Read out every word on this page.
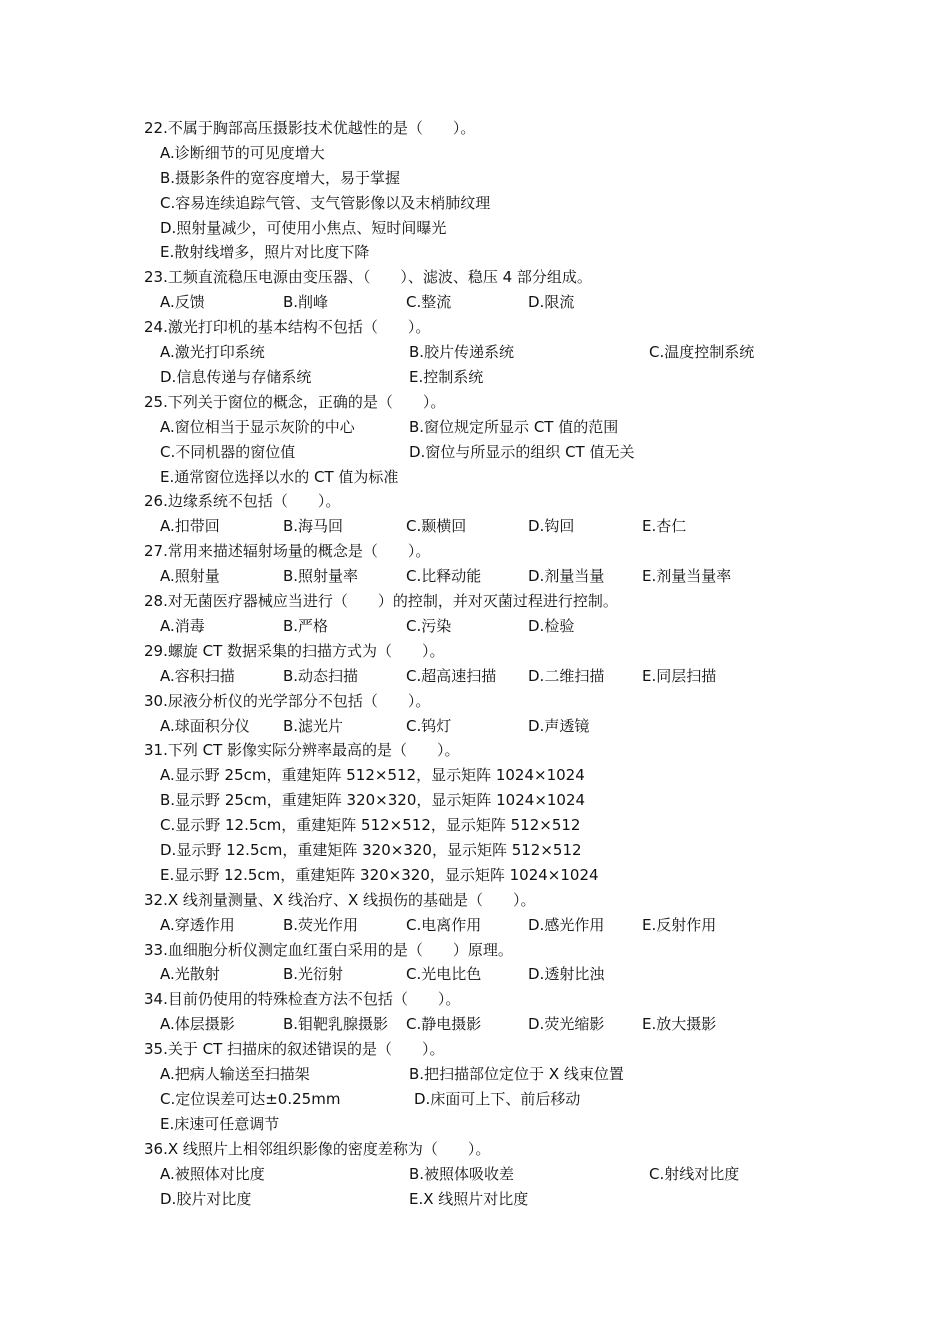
22.不属于胸部高压摄影技术优越性的是（　　）。

A.诊断细节的可见度增大
B.摄影条件的宽容度增大，易于掌握
C.容易连续追踪气管、支气管影像以及末梢肺纹理
D.照射量减少，可使用小焦点、短时间曝光
E.散射线增多，照片对比度下降

23.工频直流稳压电源由变压器、（　　）、滤波、稳压 4 部分组成。

A.反馈	B.削峰	C.整流	D.限流

24.激光打印机的基本结构不包括（　　）。

A.激光打印系统	B.胶片传递系统	C.温度控制系统
D.信息传递与存储系统	E.控制系统

25.下列关于窗位的概念，正确的是（　　）。

A.窗位相当于显示灰阶的中心	B.窗位规定所显示 CT 值的范围
C.不同机器的窗位值	D.窗位与所显示的组织 CT 值无关
E.通常窗位选择以水的 CT 值为标准

26.边缘系统不包括（　　）。

A.扣带回	B.海马回	C.颞横回	D.钩回	E.杏仁

27.常用来描述辐射场量的概念是（　　）。

A.照射量	B.照射量率	C.比释动能	D.剂量当量	E.剂量当量率

28.对无菌医疗器械应当进行（　　）的控制，并对灭菌过程进行控制。

A.消毒	B.严格	C.污染	D.检验

29.螺旋 CT 数据采集的扫描方式为（　　）。

A.容积扫描	B.动态扫描	C.超高速扫描 D.二维扫描	E.同层扫描

30.尿液分析仪的光学部分不包括（　　）。

A.球面积分仪 B.滤光片	C.钨灯	D.声透镜

31.下列 CT 影像实际分辨率最高的是（　　）。

A.显示野 25cm，重建矩阵 512×512，显示矩阵 1024×1024
B.显示野 25cm，重建矩阵 320×320，显示矩阵 1024×1024
C.显示野 12.5cm，重建矩阵 512×512，显示矩阵 512×512
D.显示野 12.5cm，重建矩阵 320×320，显示矩阵 512×512
E.显示野 12.5cm，重建矩阵 320×320，显示矩阵 1024×1024

32.X 线剂量测量、X 线治疗、X 线损伤的基础是（　　）。

A.穿透作用	B.荧光作用	C.电离作用	D.感光作用	E.反射作用

33.血细胞分析仪测定血红蛋白采用的是（　　）原理。

A.光散射	B.光衍射	C.光电比色	D.透射比浊

34.目前仍使用的特殊检查方法不包括（　　）。

A.体层摄影	B.钼靶乳腺摄影 C.静电摄影	D.荧光缩影	E.放大摄影

35.关于 CT 扫描床的叙述错误的是（　　）。

A.把病人输送至扫描架	B.把扫描部位定位于 X 线束位置
C.定位误差可达±0.25mm	D.床面可上下、前后移动
E.床速可任意调节

36.X 线照片上相邻组织影像的密度差称为（　　）。

A.被照体对比度	B.被照体吸收差	C.射线对比度
D.胶片对比度	E.X 线照片对比度
